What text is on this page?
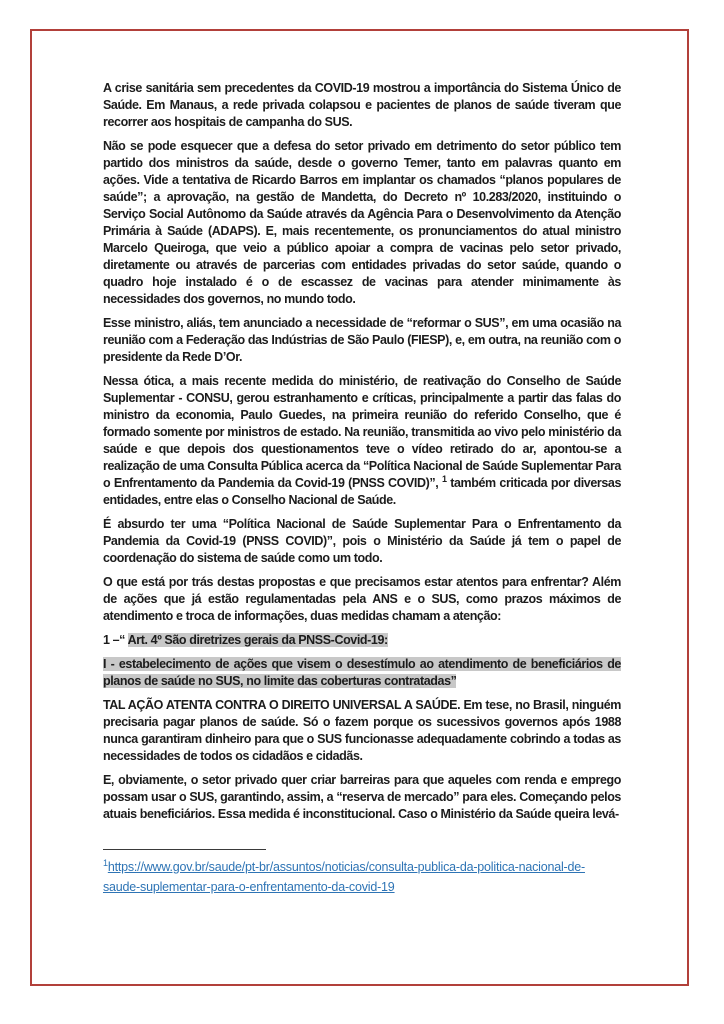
A crise sanitária sem precedentes da COVID-19 mostrou a importância do Sistema Único de Saúde. Em Manaus, a rede privada colapsou e pacientes de planos de saúde tiveram que recorrer aos hospitais de campanha do SUS.

Não se pode esquecer que a defesa do setor privado em detrimento do setor público tem partido dos ministros da saúde, desde o governo Temer, tanto em palavras quanto em ações. Vide a tentativa de Ricardo Barros em implantar os chamados “planos populares de saúde”; a aprovação, na gestão de Mandetta, do Decreto nº 10.283/2020, instituindo o Serviço Social Autônomo da Saúde através da Agência Para o Desenvolvimento da Atenção Primária à Saúde (ADAPS). E, mais recentemente, os pronunciamentos do atual ministro Marcelo Queiroga, que veio a público apoiar a compra de vacinas pelo setor privado, diretamente ou através de parcerias com entidades privadas do setor saúde, quando o quadro hoje instalado é o de escassez de vacinas para atender minimamente às necessidades dos governos, no mundo todo.

Esse ministro, aliás, tem anunciado a necessidade de “reformar o SUS”, em uma ocasião na reunião com a Federação das Indústrias de São Paulo (FIESP), e, em outra, na reunião com o presidente da Rede D’Or.

Nessa ótica, a mais recente medida do ministério, de reativação do Conselho de Saúde Suplementar - CONSU, gerou estranhamento e críticas, principalmente a partir das falas do ministro da economia, Paulo Guedes, na primeira reunião do referido Conselho, que é formado somente por ministros de estado. Na reunião, transmitida ao vivo pelo ministério da saúde e que depois dos questionamentos teve o vídeo retirado do ar, apontou-se a realização de uma Consulta Pública acerca da “Política Nacional de Saúde Suplementar Para o Enfrentamento da Pandemia da Covid-19 (PNSS COVID)”, $^1$ também criticada por diversas entidades, entre elas o Conselho Nacional de Saúde.

É absurdo ter uma “Política Nacional de Saúde Suplementar Para o Enfrentamento da Pandemia da Covid-19 (PNSS COVID)”, pois o Ministério da Saúde já tem o papel de coordenação do sistema de saúde como um todo.

O que está por trás destas propostas e que precisamos estar atentos para enfrentar? Além de ações que já estão regulamentadas pela ANS e o SUS, como prazos máximos de atendimento e troca de informações, duas medidas chamam a atenção:

1 –“ Art. 4º São diretrizes gerais da PNSS-Covid-19:

I - estabelecimento de ações que visem o desestímulo ao atendimento de beneficiários de planos de saúde no SUS, no limite das coberturas contratadas”

TAL AÇÃO ATENTA CONTRA O DIREITO UNIVERSAL A SAÚDE. Em tese, no Brasil, ninguém precisaria pagar planos de saúde. Só o fazem porque os sucessivos governos após 1988 nunca garantiram dinheiro para que o SUS funcionasse adequadamente cobrindo a todas as necessidades de todos os cidadãos e cidadãs.

E, obviamente, o setor privado quer criar barreiras para que aqueles com renda e emprego possam usar o SUS, garantindo, assim, a “reserva de mercado” para eles. Começando pelos atuais beneficiários. Essa medida é inconstitucional. Caso o Ministério da Saúde queira levá-

$^1$https://www.gov.br/saude/pt-br/assuntos/noticias/consulta-publica-da-politica-nacional-de-saude-suplementar-para-o-enfrentamento-da-covid-19
